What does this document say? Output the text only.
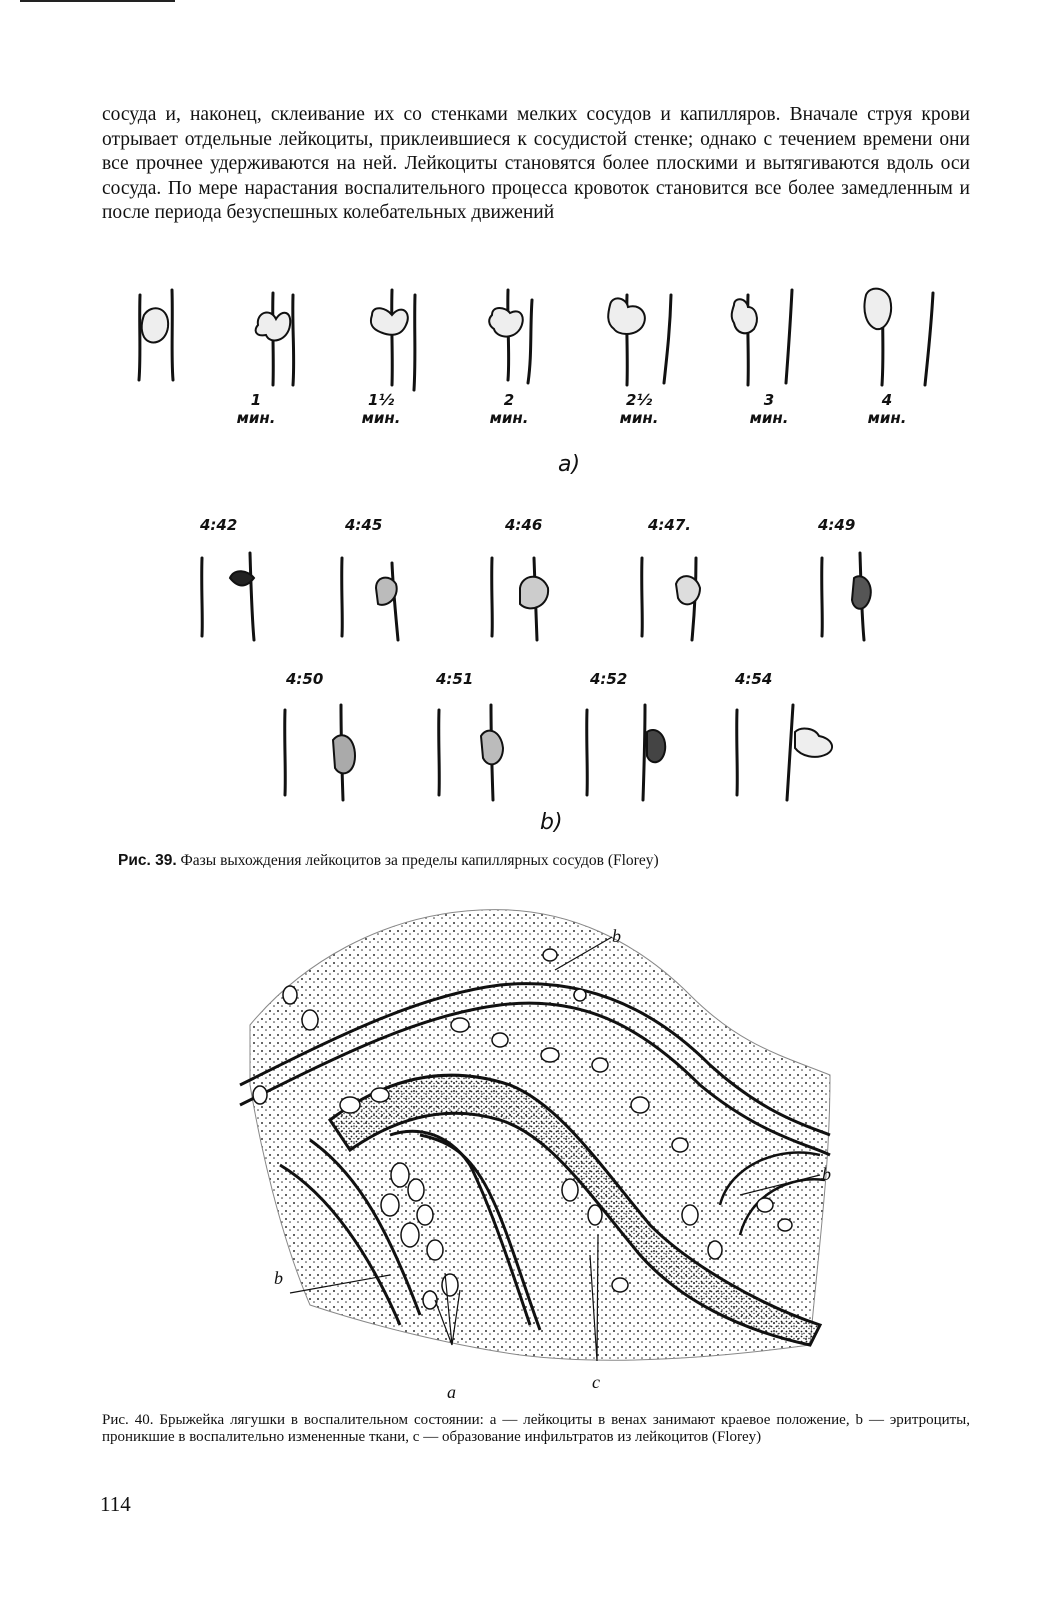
сосуда и, наконец, склеивание их со стенками мелких сосудов и капилляров. Вначале струя крови отрывает отдельные лейкоциты, приклеившиеся к сосудистой стенке; однако с течением времени они все прочнее удерживаются на ней. Лейкоциты становятся более плоскими и вытягиваются вдоль оси сосуда. По мере нарастания воспалительного процесса кровоток становится все более замедленным и после периода безуспешных колебательных движений

1
мин.
1½
мин.
2
мин.
2½
мин.
3
мин.
4
мин.
a)
4:42	4:45	4:46	4:47.	4:49
4:50	4:51	4:52	4:54
b)

Рис. 39. Фазы выхождения лейкоцитов за пределы капиллярных сосудов (Florey)

b
b
b
a	c

Рис. 40. Брыжейка лягушки в воспалительном состоянии: a — лейкоциты в венах занимают краевое положение, b — эритроциты, проникшие в воспалительно измененные ткани, c — образование инфильтратов из лейкоцитов (Florey)

114
